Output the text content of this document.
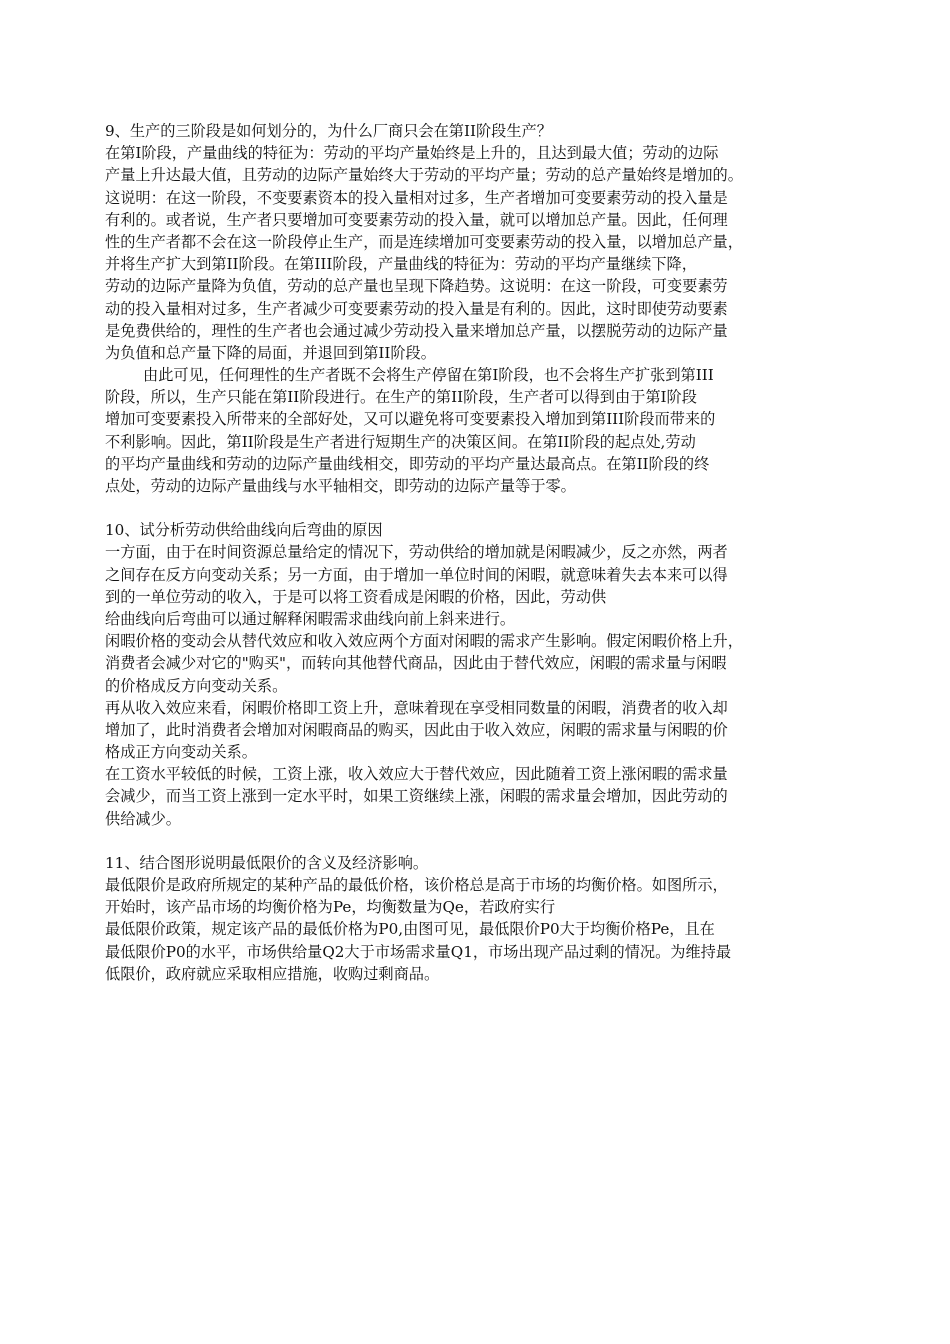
9、生产的三阶段是如何划分的，为什么厂商只会在第II阶段生产？
在第I阶段，产量曲线的特征为：劳动的平均产量始终是上升的，且达到最大值；劳动的边际
产量上升达最大值，且劳动的边际产量始终大于劳动的平均产量；劳动的总产量始终是增加的。
这说明：在这一阶段，不变要素资本的投入量相对过多，生产者增加可变要素劳动的投入量是
有利的。或者说，生产者只要增加可变要素劳动的投入量，就可以增加总产量。因此，任何理
性的生产者都不会在这一阶段停止生产，而是连续增加可变要素劳动的投入量，以增加总产量，
并将生产扩大到第II阶段。在第III阶段，产量曲线的特征为：劳动的平均产量继续下降，
劳动的边际产量降为负值，劳动的总产量也呈现下降趋势。这说明：在这一阶段，可变要素劳
动的投入量相对过多，生产者减少可变要素劳动的投入量是有利的。因此，这时即使劳动要素
是免费供给的，理性的生产者也会通过减少劳动投入量来增加总产量，以摆脱劳动的边际产量
为负值和总产量下降的局面，并退回到第II阶段。
由此可见，任何理性的生产者既不会将生产停留在第I阶段，也不会将生产扩张到第III
阶段，所以，生产只能在第II阶段进行。在生产的第II阶段，生产者可以得到由于第I阶段
增加可变要素投入所带来的全部好处，又可以避免将可变要素投入增加到第III阶段而带来的
不利影响。因此，第II阶段是生产者进行短期生产的决策区间。在第II阶段的起点处,劳动
的平均产量曲线和劳动的边际产量曲线相交，即劳动的平均产量达最高点。在第II阶段的终
点处，劳动的边际产量曲线与水平轴相交，即劳动的边际产量等于零。
10、试分析劳动供给曲线向后弯曲的原因
一方面，由于在时间资源总量给定的情况下，劳动供给的增加就是闲暇减少，反之亦然，两者
之间存在反方向变动关系；另一方面，由于增加一单位时间的闲暇，就意味着失去本来可以得
到的一单位劳动的收入，于是可以将工资看成是闲暇的价格，因此，劳动供
给曲线向后弯曲可以通过解释闲暇需求曲线向前上斜来进行。
闲暇价格的变动会从替代效应和收入效应两个方面对闲暇的需求产生影响。假定闲暇价格上升，
消费者会减少对它的"购买"，而转向其他替代商品，因此由于替代效应，闲暇的需求量与闲暇
的价格成反方向变动关系。
再从收入效应来看，闲暇价格即工资上升，意味着现在享受相同数量的闲暇，消费者的收入却
增加了，此时消费者会增加对闲暇商品的购买，因此由于收入效应，闲暇的需求量与闲暇的价
格成正方向变动关系。
在工资水平较低的时候，工资上涨，收入效应大于替代效应，因此随着工资上涨闲暇的需求量
会减少，而当工资上涨到一定水平时，如果工资继续上涨，闲暇的需求量会增加，因此劳动的
供给减少。
11、结合图形说明最低限价的含义及经济影响。
最低限价是政府所规定的某种产品的最低价格，该价格总是高于市场的均衡价格。如图所示，
开始时，该产品市场的均衡价格为Pe，均衡数量为Qe，若政府实行
最低限价政策，规定该产品的最低价格为P0,由图可见，最低限价P0大于均衡价格Pe，且在
最低限价P0的水平，市场供给量Q2大于市场需求量Q1，市场出现产品过剩的情况。为维持最
低限价，政府就应采取相应措施，收购过剩商品。
